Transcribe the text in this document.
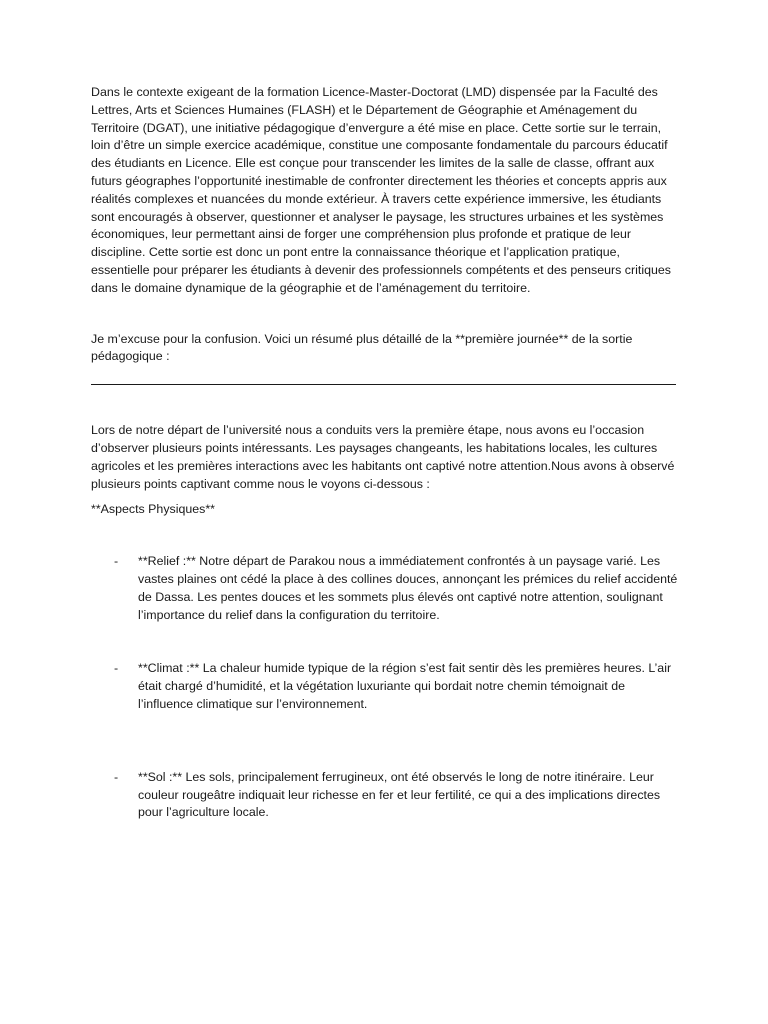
Dans le contexte exigeant de la formation Licence-Master-Doctorat (LMD) dispensée par la Faculté des Lettres, Arts et Sciences Humaines (FLASH) et le Département de Géographie et Aménagement du Territoire (DGAT), une initiative pédagogique d’envergure a été mise en place. Cette sortie sur le terrain, loin d’être un simple exercice académique, constitue une composante fondamentale du parcours éducatif des étudiants en Licence. Elle est conçue pour transcender les limites de la salle de classe, offrant aux futurs géographes l’opportunité inestimable de confronter directement les théories et concepts appris aux réalités complexes et nuancées du monde extérieur. À travers cette expérience immersive, les étudiants sont encouragés à observer, questionner et analyser le paysage, les structures urbaines et les systèmes économiques, leur permettant ainsi de forger une compréhension plus profonde et pratique de leur discipline. Cette sortie est donc un pont entre la connaissance théorique et l’application pratique, essentielle pour préparer les étudiants à devenir des professionnels compétents et des penseurs critiques dans le domaine dynamique de la géographie et de l’aménagement du territoire.

Je m’excuse pour la confusion. Voici un résumé plus détaillé de la **première journée** de la sortie pédagogique :

Lors de notre départ de l’université nous a conduits vers la première étape, nous avons eu l’occasion d’observer plusieurs points intéressants. Les paysages changeants, les habitations locales, les cultures agricoles et les premières interactions avec les habitants ont captivé notre attention.Nous avons à observé plusieurs points captivant comme nous le voyons ci-dessous :

**Aspects Physiques**

- **Relief :** Notre départ de Parakou nous a immédiatement confrontés à un paysage varié. Les vastes plaines ont cédé la place à des collines douces, annonçant les prémices du relief accidenté de Dassa. Les pentes douces et les sommets plus élevés ont captivé notre attention, soulignant l’importance du relief dans la configuration du territoire.
- **Climat :** La chaleur humide typique de la région s’est fait sentir dès les premières heures. L’air était chargé d’humidité, et la végétation luxuriante qui bordait notre chemin témoignait de l’influence climatique sur l’environnement.
- **Sol :** Les sols, principalement ferrugineux, ont été observés le long de notre itinéraire. Leur couleur rougeâtre indiquait leur richesse en fer et leur fertilité, ce qui a des implications directes pour l’agriculture locale.
